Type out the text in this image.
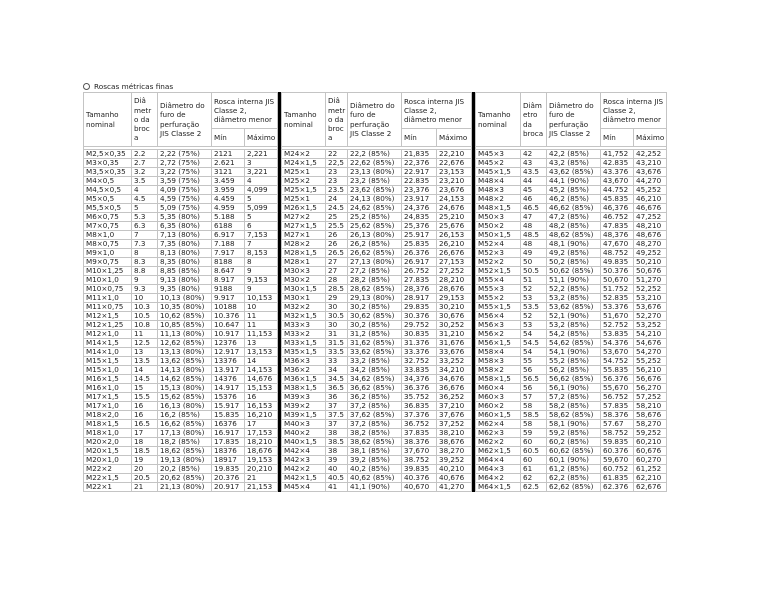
Roscas métricas finas
Tamanho nominal	Diâ metr o da broc a	Diâmetro do furo de perfuração JIS Classe 2	Rosca interna JIS Classe 2, diâmetro menor	
			Mín	Máximo

M2,5×0,35	2.2	2,22 (75%)	2121	2,221
M3×0,35	2.7	2,72 (75%)	2.621	3
M3,5×0,35	3.2	3,22 (75%)	3121	3,221
M4×0,5	3.5	3,59 (75%)	3.459	4
M4,5×0,5	4	4,09 (75%)	3.959	4,099
M5×0,5	4.5	4,59 (75%)	4.459	5
M5,5×0,5	5	5,09 (75%)	4.959	5,099
M6×0,75	5.3	5,35 (80%)	5.188	5
M7×0,75	6.3	6,35 (80%)	6188	6
M8×1,0	7	7,13 (80%)	6.917	7,153
M8×0,75	7.3	7,35 (80%)	7.188	7
M9×1,0	8	8,13 (80%)	7.917	8,153
M9×0,75	8.3	8,35 (80%)	8188	8
M10×1,25	8.8	8,85 (85%)	8.647	9
M10×1,0	9	9,13 (80%)	8.917	9,153
M10×0,75	9.3	9,35 (80%)	9188	9
M11×1,0	10	10,13 (80%)	9.917	10,153
M11×0,75	10.3	10,35 (80%)	10188	10
M12×1,5	10.5	10,62 (85%)	10.376	11
M12×1,25	10.8	10,85 (85%)	10.647	11
M12×1,0	11	11,13 (80%)	10.917	11,153
M14×1,5	12.5	12,62 (85%)	12376	13
M14×1,0	13	13,13 (80%)	12.917	13,153
M15×1,5	13.5	13,62 (85%)	13376	14
M15×1,0	14	14,13 (80%)	13.917	14,153
M16×1,5	14.5	14,62 (85%)	14376	14,676
M16×1,0	15	15,13 (80%)	14.917	15,153
M17×1,5	15.5	15,62 (85%)	15376	16
M17×1,0	16	16,13 (80%)	15.917	16,153
M18×2,0	16	16,2 (85%)	15.835	16,210
M18×1,5	16.5	16,62 (85%)	16376	17
M18×1,0	17	17,13 (80%)	16.917	17,153
M20×2,0	18	18,2 (85%)	17.835	18,210
M20×1,5	18.5	18,62 (85%)	18376	18,676
M20×1,0	19	19,13 (80%)	18917	19,153
M22×2	20	20,2 (85%)	19.835	20,210
M22×1,5	20.5	20,62 (85%)	20.376	21
M22×1	21	21,13 (80%)	20.917	21,153
Tamanho nominal	Diâ metr o da broc a	Diâmetro do furo de perfuração JIS Classe 2	Rosca interna JIS Classe 2, diâmetro menor	
			Mín	Máximo

M24×2	22	22,2 (85%)	21,835	22,210
M24×1,5	22,5	22,62 (85%)	22,376	22,676
M25×1	23	23,13 (80%)	22.917	23,153
M25×2	23	23,2 (85%)	22.835	23,210
M25×1,5	23.5	23,62 (85%)	23,376	23,676
M25×1	24	24,13 (80%)	23.917	24,153
M26×1,5	24.5	24,62 (85%)	24,376	24,676
M27×2	25	25,2 (85%)	24,835	25,210
M27×1,5	25.5	25,62 (85%)	25,376	25,676
M27×1	26	26,13 (80%)	25.917	26,153
M28×2	26	26,2 (85%)	25.835	26,210
M28×1,5	26.5	26,62 (85%)	26.376	26,676
M28×1	27	27,13 (80%)	26.917	27,153
M30×3	27	27,2 (85%)	26.752	27,252
M30×2	28	28,2 (85%)	27.835	28,210
M30×1,5	28.5	28,62 (85%)	28,376	28,676
M30×1	29	29,13 (80%)	28.917	29,153
M32×2	30	30,2 (85%)	29.835	30,210
M32×1,5	30.5	30,62 (85%)	30.376	30,676
M33×3	30	30,2 (85%)	29.752	30,252
M33×2	31	31,2 (85%)	30.835	31,210
M33×1,5	31.5	31,62 (85%)	31.376	31,676
M35×1,5	33.5	33,62 (85%)	33.376	33,676
M36×3	33	33,2 (85%)	32.752	33,252
M36×2	34	34,2 (85%)	33.835	34,210
M36×1,5	34.5	34,62 (85%)	34,376	34,676
M38×1,5	36.5	36,62 (85%)	36.376	36,676
M39×3	36	36,2 (85%)	35.752	36,252
M39×2	37	37,2 (85%)	36.835	37,210
M39×1,5	37.5	37,62 (85%)	37.376	37,676
M40×3	37	37,2 (85%)	36.752	37,252
M40×2	38	38,2 (85%)	37.835	38,210
M40×1,5	38.5	38,62 (85%)	38.376	38,676
M42×4	38	38,1 (85%)	37,670	38,270
M42×3	39	39,2 (85%)	38.752	39,252
M42×2	40	40,2 (85%)	39.835	40,210
M42×1,5	40.5	40,62 (85%)	40.376	40,676
M45×4	41	41,1 (90%)	40,670	41,270
Tamanho nominal	Diâm etro da broca	Diâmetro do furo de perfuração JIS Classe 2	Rosca interna JIS Classe 2, diâmetro menor	
			Mín	Máximo

M45×3	42	42,2 (85%)	41,752	42,252
M45×2	43	43,2 (85%)	42.835	43,210
M45×1,5	43.5	43,62 (85%)	43.376	43,676
M48×4	44	44,1 (90%)	43,670	44,270
M48×3	45	45,2 (85%)	44.752	45,252
M48×2	46	46,2 (85%)	45.835	46,210
M48×1,5	46.5	46,62 (85%)	46,376	46,676
M50×3	47	47,2 (85%)	46.752	47,252
M50×2	48	48,2 (85%)	47.835	48,210
M50×1,5	48.5	48,62 (85%)	48,376	48,676
M52×4	48	48,1 (90%)	47,670	48,270
M52×3	49	49,2 (85%)	48.752	49,252
M52×2	50	50,2 (85%)	49.835	50,210
M52×1,5	50.5	50,62 (85%)	50.376	50,676
M55×4	51	51,1 (90%)	50,670	51,270
M55×3	52	52,2 (85%)	51.752	52,252
M55×2	53	53,2 (85%)	52.835	53,210
M55×1,5	53.5	53,62 (85%)	53.376	53,676
M56×4	52	52,1 (90%)	51,670	52,270
M56×3	53	53,2 (85%)	52.752	53,252
M56×2	54	54,2 (85%)	53.835	54,210
M56×1,5	54.5	54,62 (85%)	54.376	54,676
M58×4	54	54,1 (90%)	53,670	54,270
M58×3	55	55,2 (85%)	54.752	55,252
M58×2	56	56,2 (85%)	55.835	56,210
M58×1,5	56.5	56,62 (85%)	56.376	56,676
M60×4	56	56,1 (90%)	55,670	56,270
M60×3	57	57,2 (85%)	56.752	57,252
M60×2	58	58,2 (85%)	57.835	58,210
M60×1,5	58.5	58,62 (85%)	58.376	58,676
M62×4	58	58,1 (90%)	57.67	58,270
M62×3	59	59,2 (85%)	58.752	59,252
M62×2	60	60,2 (85%)	59.835	60,210
M62×1,5	60.5	60,62 (85%)	60.376	60,676
M64×4	60	60,1 (90%)	59,670	60,270
M64×3	61	61,2 (85%)	60.752	61,252
M64×2	62	62,2 (85%)	61.835	62,210
M64×1,5	62.5	62,62 (85%)	62.376	62,676
